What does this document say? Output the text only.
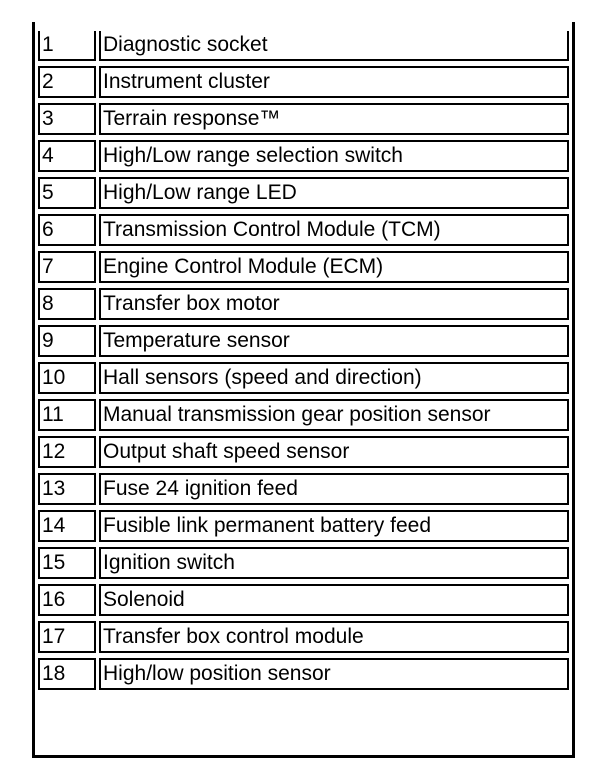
1	Diagnostic socket
2	Instrument cluster
3	Terrain response™
4	High/Low range selection switch
5	High/Low range LED
6	Transmission Control Module (TCM)
7	Engine Control Module (ECM)
8	Transfer box motor
9	Temperature sensor
10	Hall sensors (speed and direction)
11	Manual transmission gear position sensor
12	Output shaft speed sensor
13	Fuse 24 ignition feed
14	Fusible link permanent battery feed
15	Ignition switch
16	Solenoid
17	Transfer box control module
18	High/low position sensor
